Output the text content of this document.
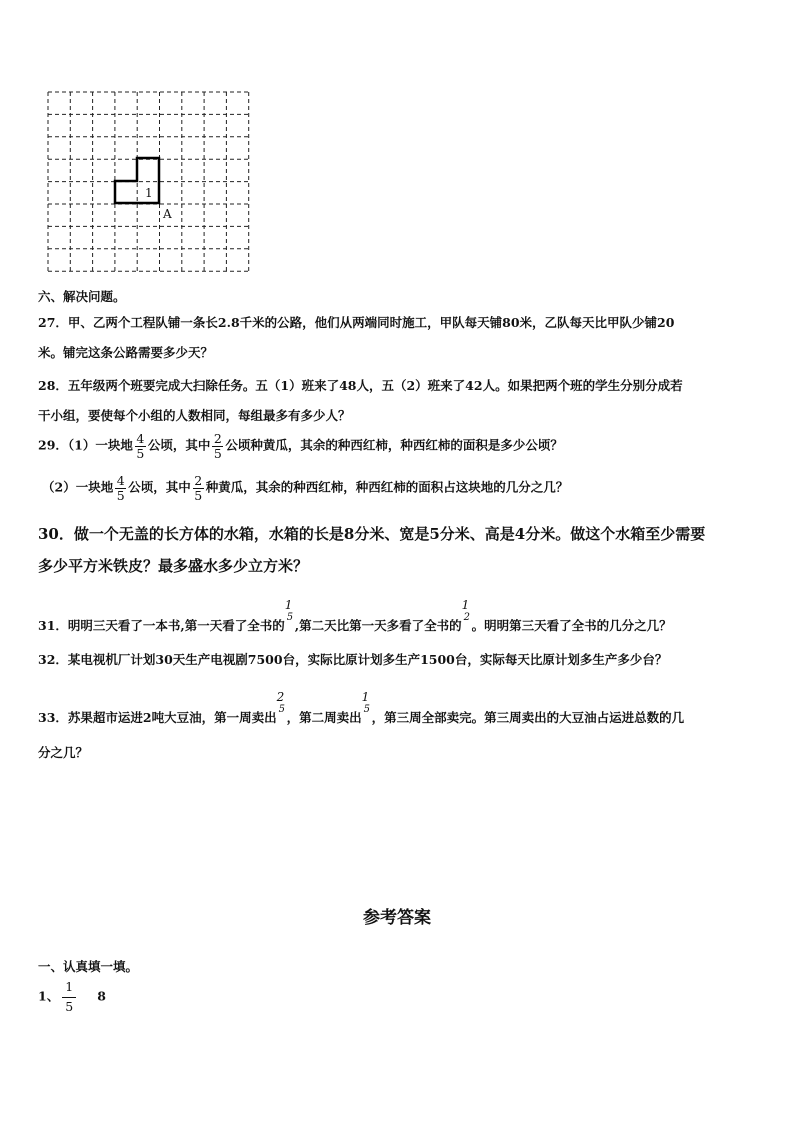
1
A
六、解决问题。
27．甲、乙两个工程队铺一条长2.8千米的公路，他们从两端同时施工，甲队每天铺80米，乙队每天比甲队少铺20
米。铺完这条公路需要多少天？
28．五年级两个班要完成大扫除任务。五（1）班来了48人，五（2）班来了42人。如果把两个班的学生分别分成若
干小组，要使每个小组的人数相同，每组最多有多少人？
29．（1）一块地 $\frac{4}{5}$ 公顷，其中 $\frac{2}{5}$ 公顷种黄瓜，其余的种西红柿，种西红柿的面积是多少公顷？
（2）一块地 $\frac{4}{5}$ 公顷，其中 $\frac{2}{5}$ 种黄瓜，其余的种西红柿，种西红柿的面积占这块地的几分之几？
30．做一个无盖的长方体的水箱，水箱的长是8分米、宽是5分米、高是4分米。做这个水箱至少需要
多少平方米铁皮？最多盛水多少立方米？
31．明明三天看了一本书,第一天看了全书的
1
5
,第二天比第一天多看了全书的
1
2
。明明第三天看了全书的几分之几？
32．某电视机厂计划30天生产电视剧7500台，实际比原计划多生产1500台，实际每天比原计划多生产多少台？
33．苏果超市运进2吨大豆油，第一周卖出
2
5
，第二周卖出
1
5
，第三周全部卖完。第三周卖出的大豆油占运进总数的几
分之几？
参考答案
一、认真填一填。
1、 $\frac{1}{5} 8$
